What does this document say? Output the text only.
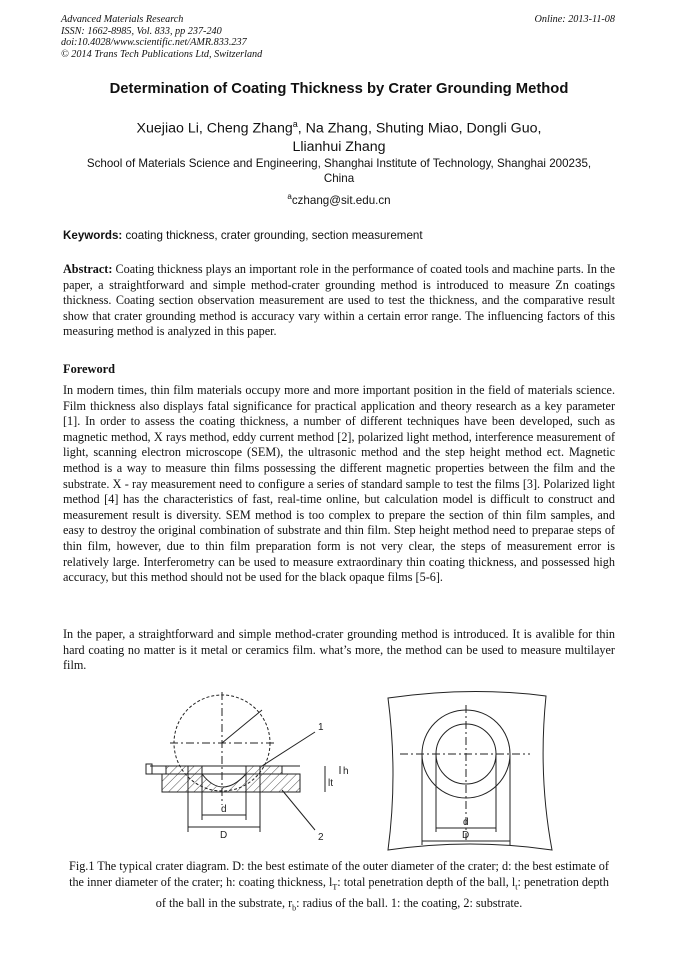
Advanced Materials Research
ISSN: 1662-8985, Vol. 833, pp 237-240
doi:10.4028/www.scientific.net/AMR.833.237
© 2014 Trans Tech Publications Ltd, Switzerland
Online: 2013-11-08
Determination of Coating Thickness by Crater Grounding Method
Xuejiao Li, Cheng Zhang$^a$, Na Zhang, Shuting Miao, Dongli Guo,
Llianhui Zhang
School of Materials Science and Engineering, Shanghai Institute of Technology, Shanghai 200235,
China
$^a$czhang@sit.edu.cn
Keywords: coating thickness, crater grounding, section measurement
Abstract: Coating thickness plays an important role in the performance of coated tools and machine parts. In the paper, a straightforward and simple method-crater grounding method is introduced to measure Zn coatings thickness. Coating section observation measurement are used to test the thickness, and the comparative result show that crater grounding method is accuracy vary within a certain error range. The influencing factors of this measuring method is analyzed in this paper.
Foreword
In modern times, thin film materials occupy more and more important position in the field of materials science. Film thickness also displays fatal significance for practical application and theory research as a key parameter [1]. In order to assess the coating thickness, a number of different techniques have been developed, such as magnetic method, X rays method, eddy current method [2], polarized light method, interference measurement of light, scanning electron microscope (SEM), the ultrasonic method and the step height method ect. Magnetic method is a way to measure thin films possessing the different magnetic properties between the film and the substrate. X - ray measurement need to configure a series of standard sample to test the films [3]. Polarized light method [4] has the characteristics of fast, real-time online, but calculation model is difficult to construct and measurement result is diversity. SEM method is too complex to prepare the section of thin film samples, and easy to destroy the original combination of substrate and thin film. Step height method need to preparae steps of thin film, however, due to thin film preparation form is not very clear, the steps of measurement error is relatively large. Interferometry can be used to measure extraordinary thin coating thickness, and possessed high accuracy, but this method should not be used for the black opaque films [5-6].
In the paper, a straightforward and simple method-crater grounding method is introduced. It is avalible for thin hard coating no matter is it metal or ceramics film. what’s more, the method can be used to measure multilayer film.
1
2
d
D
h
lt
d
D
Fig.1 The typical crater diagram. D: the best estimate of the outer diameter of the crater; d: the best estimate of the inner diameter of the crater; h: coating thickness, $l_T$: total penetration depth of the ball, $l_t$: penetration depth of the ball in the substrate, $r_b$: radius of the ball. 1: the coating, 2: substrate.
